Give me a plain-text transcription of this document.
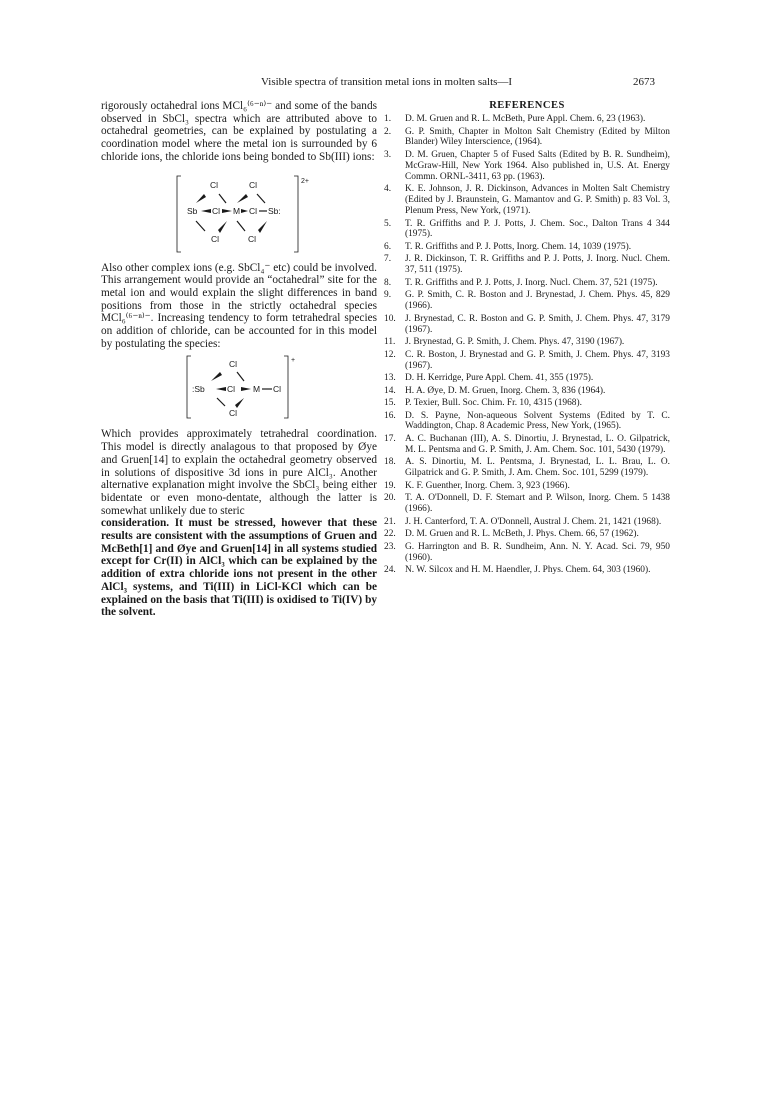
Visible spectra of transition metal ions in molten salts—I	2673

rigorously octahedral ions MCl₆⁽⁶⁻ⁿ⁾⁻ and some of the bands observed in SbCl₃ spectra which are attributed above to octahedral geometries, can be explained by postulating a coordination model where the metal ion is surrounded by 6 chloride ions, the chloride ions being bonded to Sb(III) ions:

2+
Cl	Cl
Sb Cl M Cl Sb:
Cl	Cl

Also other complex ions (e.g. SbCl₄⁻ etc) could be involved. This arrangement would provide an “octahedral” site for the metal ion and would explain the slight differences in band positions from those in the strictly octahedral species MCl₆⁽⁶⁻ⁿ⁾⁻. Increasing tendency to form tetrahedral species on addition of chloride, can be accounted for in this model by postulating the species:

+
Cl
:Sb	Cl M Cl
Cl

Which provides approximately tetrahedral coordination. This model is directly analagous to that proposed by Øye and Gruen[14] to explain the octahedral geometry observed in solutions of dispositive 3d ions in pure AlCl₃. Another alternative explanation might involve the SbCl₃ being either bidentate or even mono-dentate, although the latter is somewhat unlikely due to steric

consideration. It must be stressed, however that these results are consistent with the assumptions of Gruen and McBeth[1] and Øye and Gruen[14] in all systems studied except for Cr(II) in AlCl₃ which can be explained by the addition of extra chloride ions not present in the other AlCl₃ systems, and Ti(III) in LiCl-KCl which can be explained on the basis that Ti(III) is oxidised to Ti(IV) by the solvent.

REFERENCES
1.	D. M. Gruen and R. L. McBeth, Pure Appl. Chem. 6, 23 (1963).
2.	G. P. Smith, Chapter in Molton Salt Chemistry (Edited by Milton Blander) Wiley Interscience, (1964).
3.	D. M. Gruen, Chapter 5 of Fused Salts (Edited by B. R. Sundheim), McGraw-Hill, New York 1964. Also published in, U.S. At. Energy Commn. ORNL-3411, 63 pp. (1963).
4.	K. E. Johnson, J. R. Dickinson, Advances in Molten Salt Chemistry (Edited by J. Braunstein, G. Mamantov and G. P. Smith) p. 83 Vol. 3, Plenum Press, New York, (1971).
5.	T. R. Griffiths and P. J. Potts, J. Chem. Soc., Dalton Trans 4 344 (1975).
6.	T. R. Griffiths and P. J. Potts, Inorg. Chem. 14, 1039 (1975).
7.	J. R. Dickinson, T. R. Griffiths and P. J. Potts, J. Inorg. Nucl. Chem. 37, 511 (1975).
8.	T. R. Griffiths and P. J. Potts, J. Inorg. Nucl. Chem. 37, 521 (1975).
9.	G. P. Smith, C. R. Boston and J. Brynestad, J. Chem. Phys. 45, 829 (1966).
10. J. Brynestad, C. R. Boston and G. P. Smith, J. Chem. Phys. 47, 3179 (1967).
11.	J. Brynestad, G. P. Smith, J. Chem. Phys. 47, 3190 (1967).
12. C. R. Boston, J. Brynestad and G. P. Smith, J. Chem. Phys. 47, 3193 (1967).
13. D. H. Kerridge, Pure Appl. Chem. 41, 355 (1975).
14. H. A. Øye, D. M. Gruen, Inorg. Chem. 3, 836 (1964).
15. P. Texier, Bull. Soc. Chim. Fr. 10, 4315 (1968).
16. D. S. Payne, Non-aqueous Solvent Systems (Edited by T. C. Waddington, Chap. 8 Academic Press, New York, (1965).
17. A. C. Buchanan (III), A. S. Dinortiu, J. Brynestad, L. O. Gilpatrick, M. L. Pentsma and G. P. Smith, J. Am. Chem. Soc. 101, 5430 (1979).
18. A. S. Dinortiu, M. L. Pentsma, J. Brynestad, L. L. Brau, L. O. Gilpatrick and G. P. Smith, J. Am. Chem. Soc. 101, 5299 (1979).
19. K. F. Guenther, Inorg. Chem. 3, 923 (1966).
20. T. A. O'Donnell, D. F. Stemart and P. Wilson, Inorg. Chem. 5 1438 (1966).
21. J. H. Canterford, T. A. O'Donnell, Austral J. Chem. 21, 1421 (1968).
22. D. M. Gruen and R. L. McBeth, J. Phys. Chem. 66, 57 (1962).
23. G. Harrington and B. R. Sundheim, Ann. N. Y. Acad. Sci. 79, 950 (1960).
24. N. W. Silcox and H. M. Haendler, J. Phys. Chem. 64, 303 (1960).
